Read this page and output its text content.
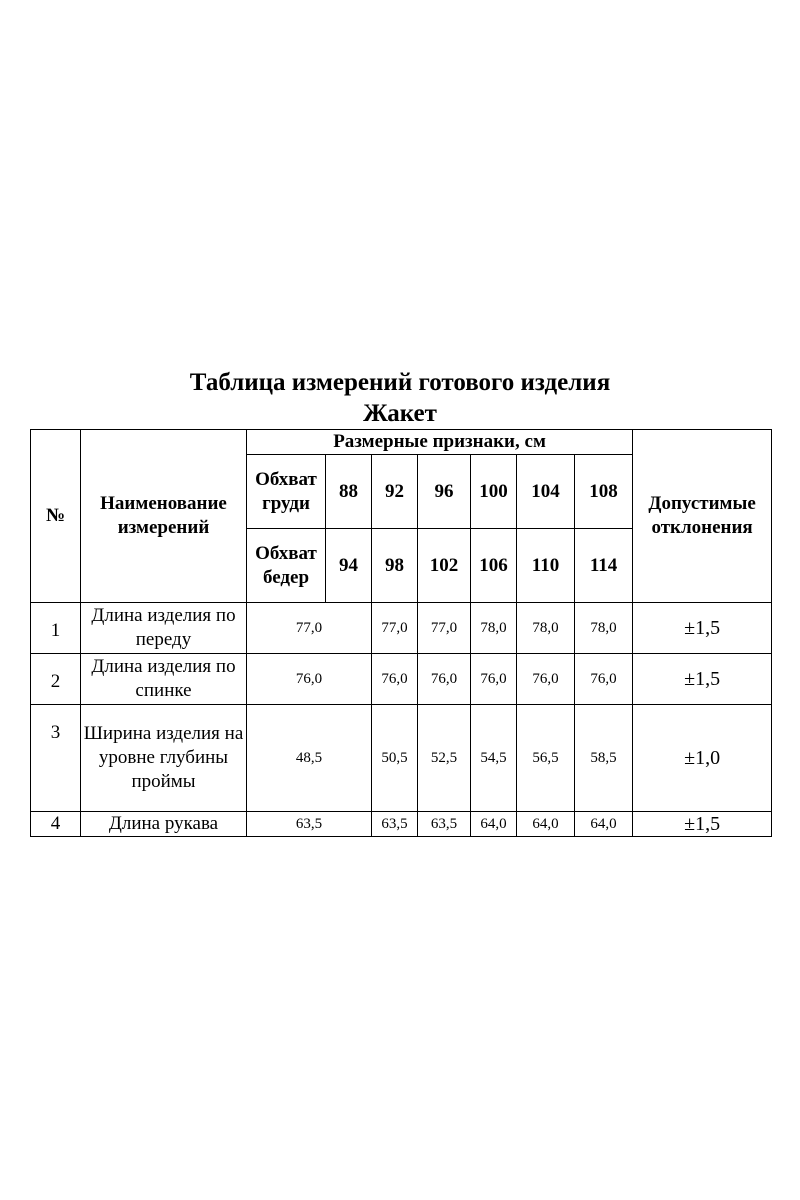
Таблица измерений готового изделия
Жакет
№	Наименование измерений	Размерные признаки, см							Допустимые отклонения
		Обхват груди	88	92	96	100	104	108	
		Обхват бедер	94	98	102	106	110	114	
1	Длина изделия по переду	77,0		77,0	77,0	78,0	78,0	78,0	±1,5
2	Длина изделия по спинке	76,0		76,0	76,0	76,0	76,0	76,0	±1,5
3	Ширина изделия на уровне глубины проймы	48,5		50,5	52,5	54,5	56,5	58,5	±1,0
4	Длина рукава	63,5		63,5	63,5	64,0	64,0	64,0	±1,5
